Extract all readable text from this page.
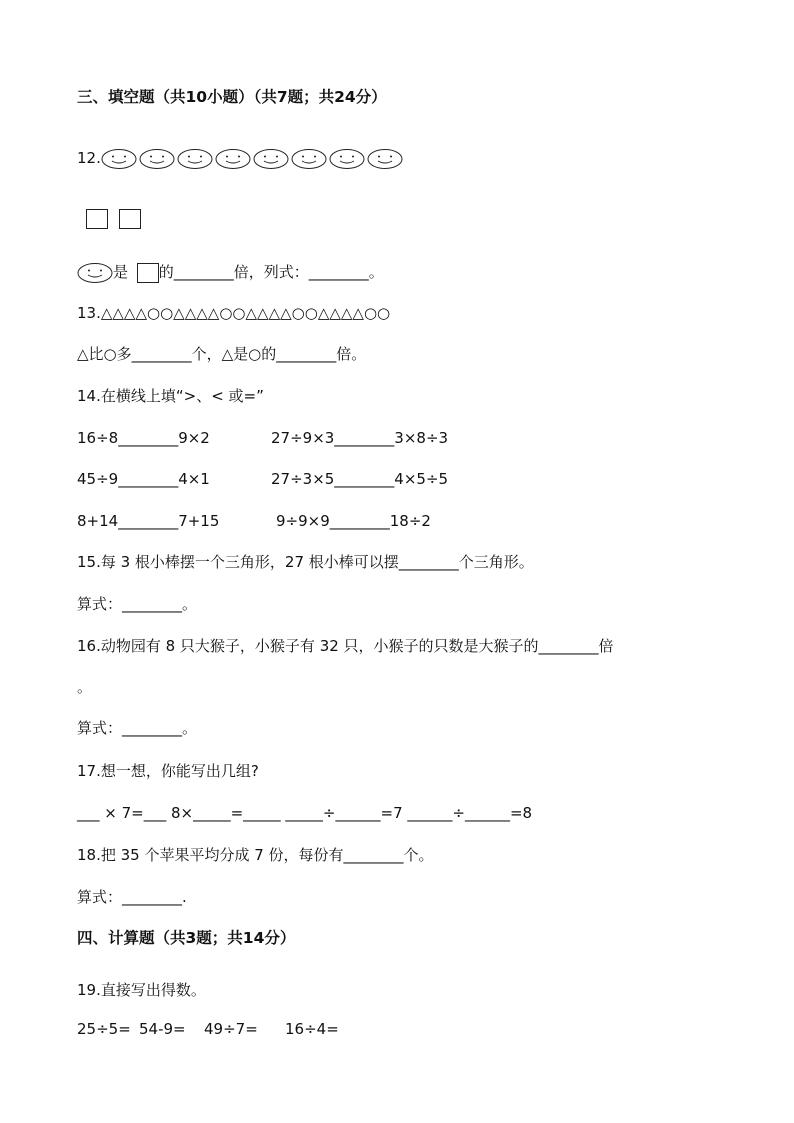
三、填空题（共10小题）（共7题；共24分）
12.

是 的________倍，列式：________。
13.△△△△○○△△△△○○△△△△○○△△△△○○
△比○多________个，△是○的________倍。
14.在横线上填“>、< 或=”
16÷8________9×2	27÷9×3________3×8÷3
45÷9________4×1	27÷3×5________4×5÷5
8+14________7+15	9÷9×9________18÷2
15.每 3 根小棒摆一个三角形，27 根小棒可以摆________个三角形。
算式：________。
16.动物园有 8 只大猴子，小猴子有 32 只，小猴子的只数是大猴子的________倍
。
算式：________。
17.想一想，你能写出几组?
___ × 7=___ 8×_____=_____ _____÷______=7 ______÷______=8
18.把 35 个苹果平均分成 7 份，每份有________个。
算式：________.
四、计算题（共3题；共14分）
19.直接写出得数。
25÷5= 54-9= 49÷7= 16÷4=
